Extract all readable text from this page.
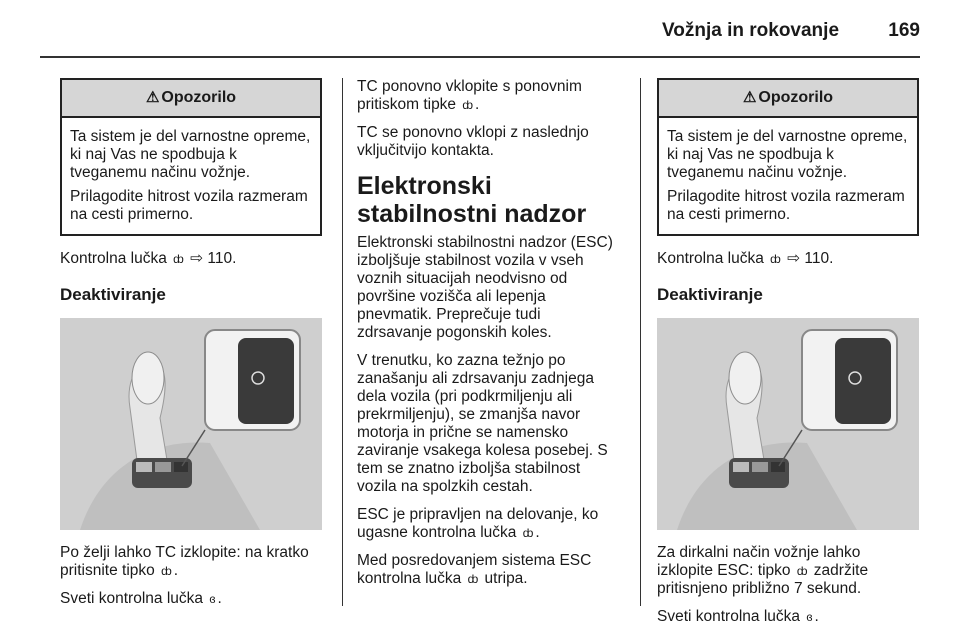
Vožnja in rokovanje	169
⚠ Opozorilo

Ta sistem je del varnostne opreme, ki naj Vas ne spodbuja k tveganemu načinu vožnje.

Prilagodite hitrost vozila razmeram na cesti primerno.

Kontrolna lučka ȸ ⇨ 110.

Deaktiviranje

Po želji lahko TC izklopite: na kratko pritisnite tipko ȸ .

Sveti kontrolna lučka ɞ .

TC ponovno vklopite s ponovnim pritiskom tipke ȸ .

TC se ponovno vklopi z naslednjo vključitvijo kontakta.

Elektronski stabilnostni nadzor

Elektronski stabilnostni nadzor (ESC) izboljšuje stabilnost vozila v vseh voznih situacijah neodvisno od površine vozišča ali lepenja pnevmatik. Preprečuje tudi zdrsavanje pogonskih koles.

V trenutku, ko zazna težnjo po zanašanju ali zdrsavanju zadnjega dela vozila (pri podkrmiljenju ali prekrmiljenju), se zmanjša navor motorja in prične se namensko zaviranje vsakega kolesa posebej. S tem se znatno izboljša stabilnost vozila na spolzkih cestah.

ESC je pripravljen na delovanje, ko ugasne kontrolna lučka ȸ .

Med posredovanjem sistema ESC kontrolna lučka ȸ utripa.

⚠ Opozorilo

Ta sistem je del varnostne opreme, ki naj Vas ne spodbuja k tveganemu načinu vožnje.

Prilagodite hitrost vozila razmeram na cesti primerno.

Kontrolna lučka ȸ ⇨ 110.

Deaktiviranje

Za dirkalni način vožnje lahko izklopite ESC: tipko ȸ zadržite pritisnjeno približno 7 sekund.

Sveti kontrolna lučka ɞ .
